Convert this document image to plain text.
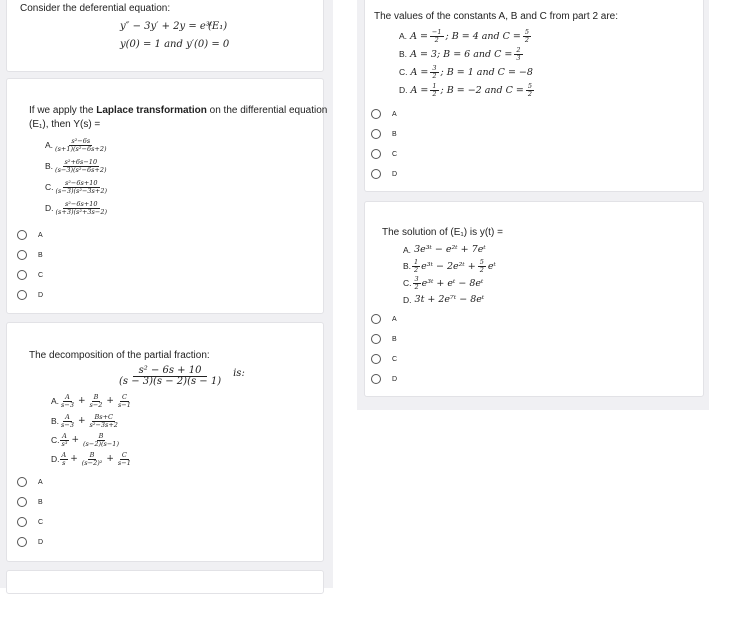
Consider the deferential equation:
y″ − 3y′ + 2y = e³ᵗ
(E₁)
y(0) = 1 and y′(0) = 0
If we apply the Laplace transformation on the differential equation
(E₁), then Y(s) =
A. $\frac{\text{s²−6s}}{\text{(s+1)(s²−6s+2)}}$
B. $\frac{\text{s²+6s−10}}{\text{(s−3)(s²−6s+2)}}$
C. $\frac{\text{s²−6s+10}}{\text{(s−3)(s²−3s+2)}}$
D. $\frac{\text{s²−6s+10}}{\text{(s+3)(s²+3s−2)}}$
A
B
C
D
The decomposition of the partial fraction:
$\frac{\text{s² − 6s + 10}}{(s - 3)(s - 2)(s - 1)}$ is:
A. $\frac{A}{s-3} + \frac{B}{s-2} + \frac{C}{s-1}$
B. $\frac{A}{s-3} + \frac{Bs+C}{\text{s²−3s+2}}$
C. $\frac{A}{\text{s³}} + \frac{B}{(s-2)(s-1)}$
D. $\frac{A}{s} + \frac{B}{\text{(s−2)²}} + \frac{C}{s-1}$
A
B
C
D
The values of the constants A, B and C from part 2 are:
A.
$A = \frac{-1}{2}$ ; B = 4 and $C = \frac{5}{2}$
B.
A = 3; B = 6 and $C = \frac{2}{3}$
C.
$A = \frac{3}{2}$ ; B = 1 and C = −8
D.
$A = \frac{1}{2}$ ; B = −2 and $C = \frac{5}{2}$
A
B
C
D
The solution of (E₁) is y(t) =
A.
3e³ᵗ − e²ᵗ + 7eᵗ
B. $\frac{1}{2}$ e³ᵗ − 2e²ᵗ + $\frac{5}{2}$ eᵗ
C. $\frac{3}{2}$ e³ᵗ + eᵗ − 8eᵗ
D.
3t + 2e⁷ᵗ − 8eᵗ
A
B
C
D
